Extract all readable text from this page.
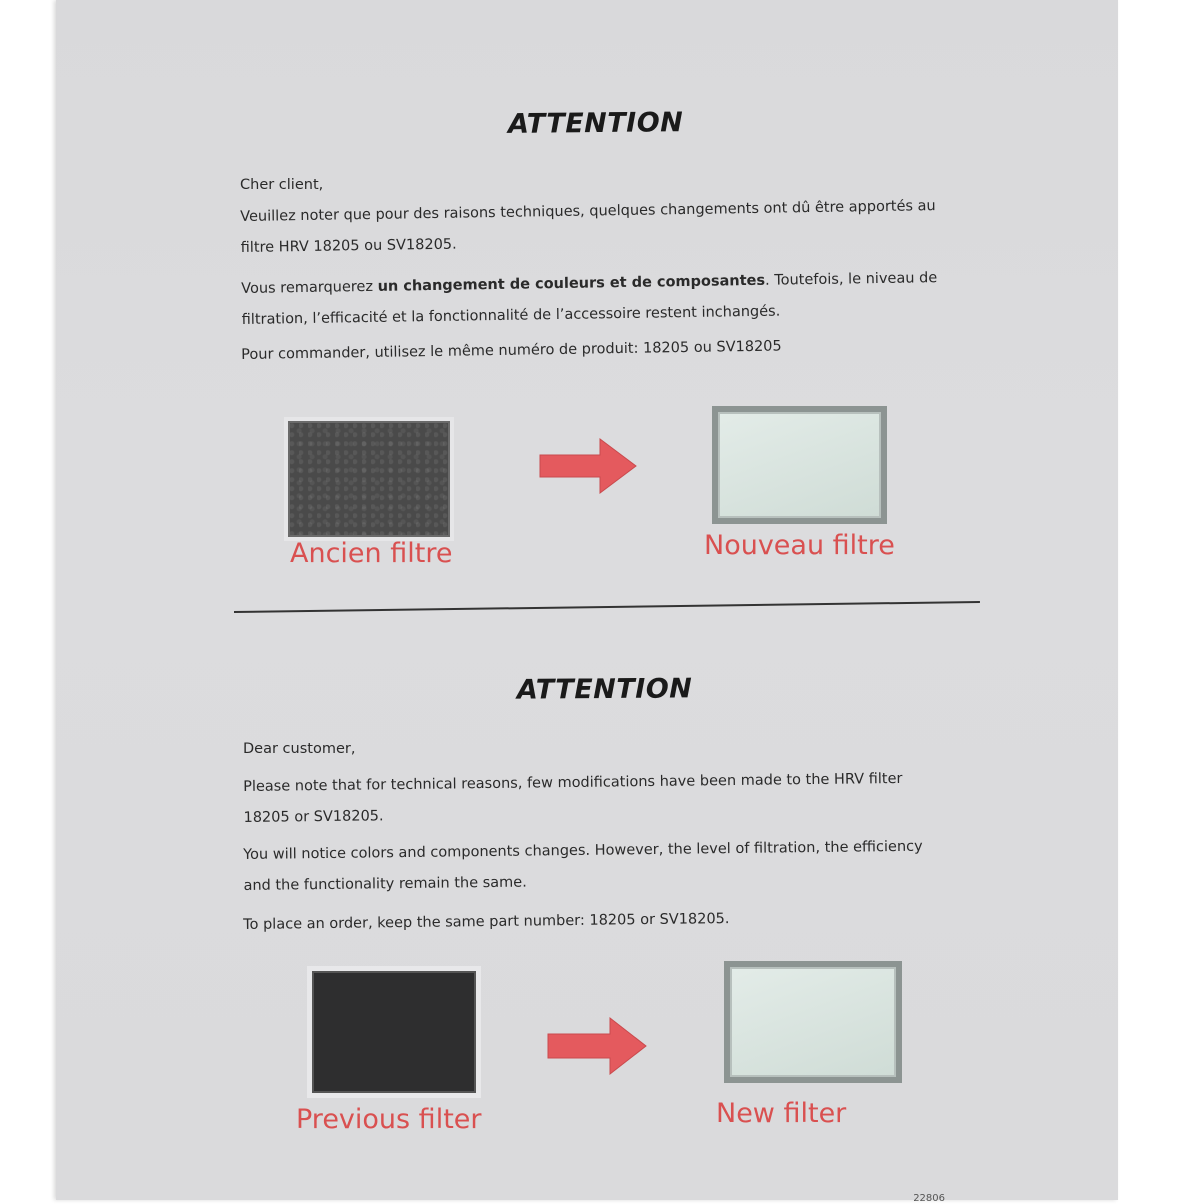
ATTENTION
Cher client,
Veuillez noter que pour des raisons techniques, quelques changements ont dû être apportés au
filtre HRV 18205 ou SV18205.
Vous remarquerez un changement de couleurs et de composantes. Toutefois, le niveau de
filtration, l’efficacité et la fonctionnalité de l’accessoire restent inchangés.
Pour commander, utilisez le même numéro de produit: 18205 ou SV18205
Ancien filtre	Nouveau filtre
ATTENTION
Dear customer,
Please note that for technical reasons, few modifications have been made to the HRV filter
18205 or SV18205.
You will notice colors and components changes. However, the level of filtration, the efficiency
and the functionality remain the same.
To place an order, keep the same part number: 18205 or SV18205.
Previous filter	New filter
22806
